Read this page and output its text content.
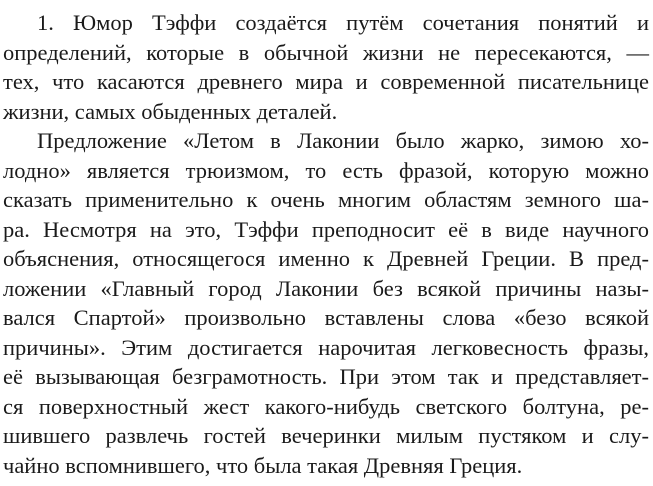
1. Юмор Тэффи создаётся путём сочетания понятий и
определений, которые в обычной жизни не пересекаются, —
тех, что касаются древнего мира и современной писательнице
жизни, самых обыденных деталей.
Предложение «Летом в Лаконии было жарко, зимою хо-
лодно» является трюизмом, то есть фразой, которую можно
сказать применительно к очень многим областям земного ша-
ра. Несмотря на это, Тэффи преподносит её в виде научного
объяснения, относящегося именно к Древней Греции. В пред-
ложении «Главный город Лаконии без всякой причины назы-
вался Спартой» произвольно вставлены слова «безо всякой
причины». Этим достигается нарочитая легковесность фразы,
её вызывающая безграмотность. При этом так и представляет-
ся поверхностный жест какого-нибудь светского болтуна, ре-
шившего развлечь гостей вечеринки милым пустяком и слу-
чайно вспомнившего, что была такая Древняя Греция.
